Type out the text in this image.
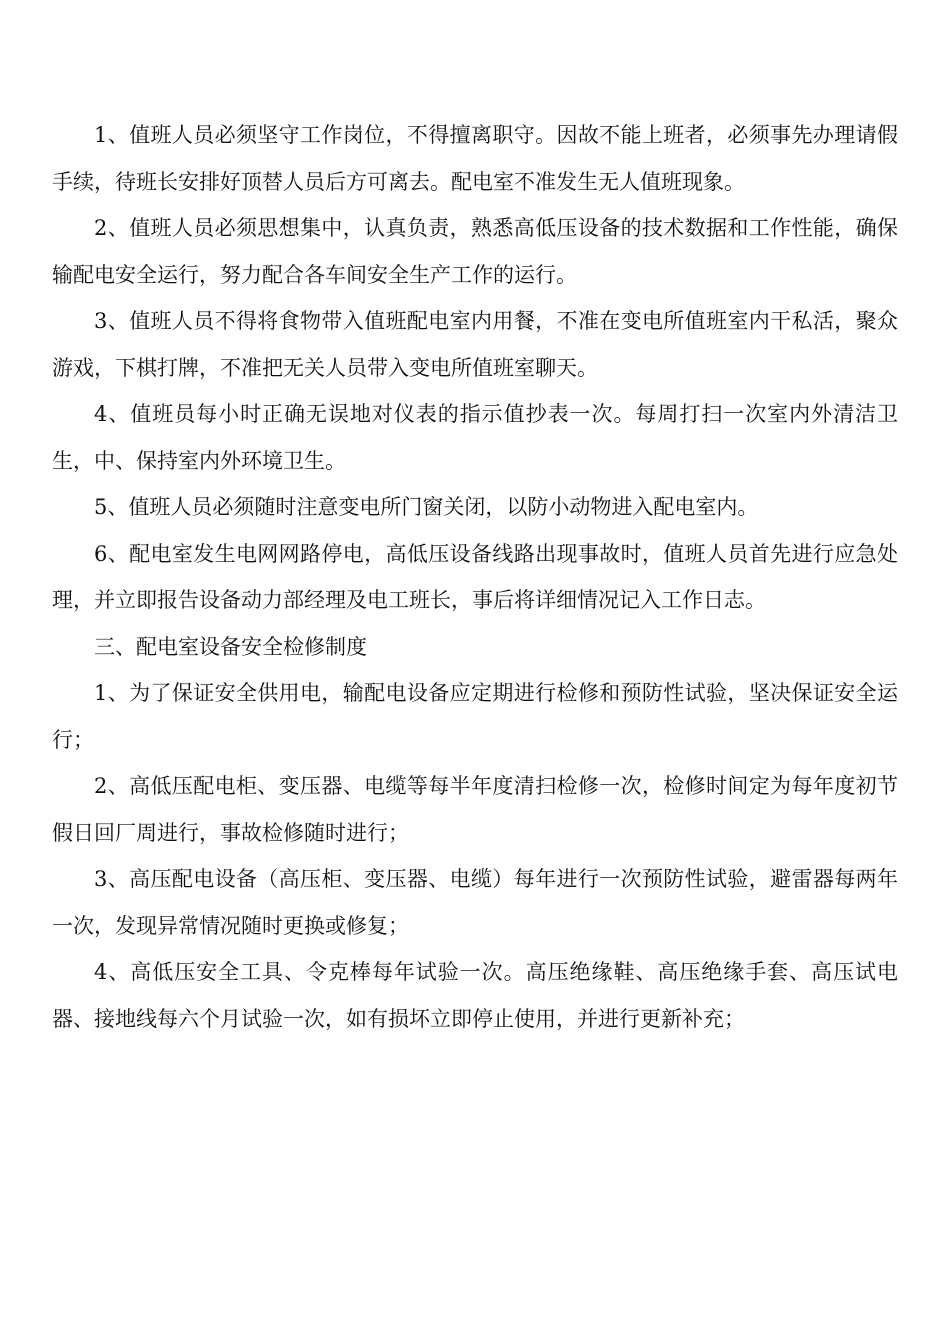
1、值班人员必须坚守工作岗位，不得擅离职守。因故不能上班者，必须事先办理请假手续，待班长安排好顶替人员后方可离去。配电室不准发生无人值班现象。

2、值班人员必须思想集中，认真负责，熟悉高低压设备的技术数据和工作性能，确保输配电安全运行，努力配合各车间安全生产工作的运行。

3、值班人员不得将食物带入值班配电室内用餐，不准在变电所值班室内干私活，聚众游戏，下棋打牌，不准把无关人员带入变电所值班室聊天。

4、值班员每小时正确无误地对仪表的指示值抄表一次。每周打扫一次室内外清洁卫生，中、保持室内外环境卫生。

5、值班人员必须随时注意变电所门窗关闭，以防小动物进入配电室内。

6、配电室发生电网网路停电，高低压设备线路出现事故时，值班人员首先进行应急处理，并立即报告设备动力部经理及电工班长，事后将详细情况记入工作日志。

三、配电室设备安全检修制度

1、为了保证安全供用电，输配电设备应定期进行检修和预防性试验，坚决保证安全运行；

2、高低压配电柜、变压器、电缆等每半年度清扫检修一次，检修时间定为每年度初节假日回厂周进行，事故检修随时进行；

3、高压配电设备（高压柜、变压器、电缆）每年进行一次预防性试验，避雷器每两年一次，发现异常情况随时更换或修复；

4、高低压安全工具、令克棒每年试验一次。高压绝缘鞋、高压绝缘手套、高压试电器、接地线每六个月试验一次，如有损坏立即停止使用，并进行更新补充；
